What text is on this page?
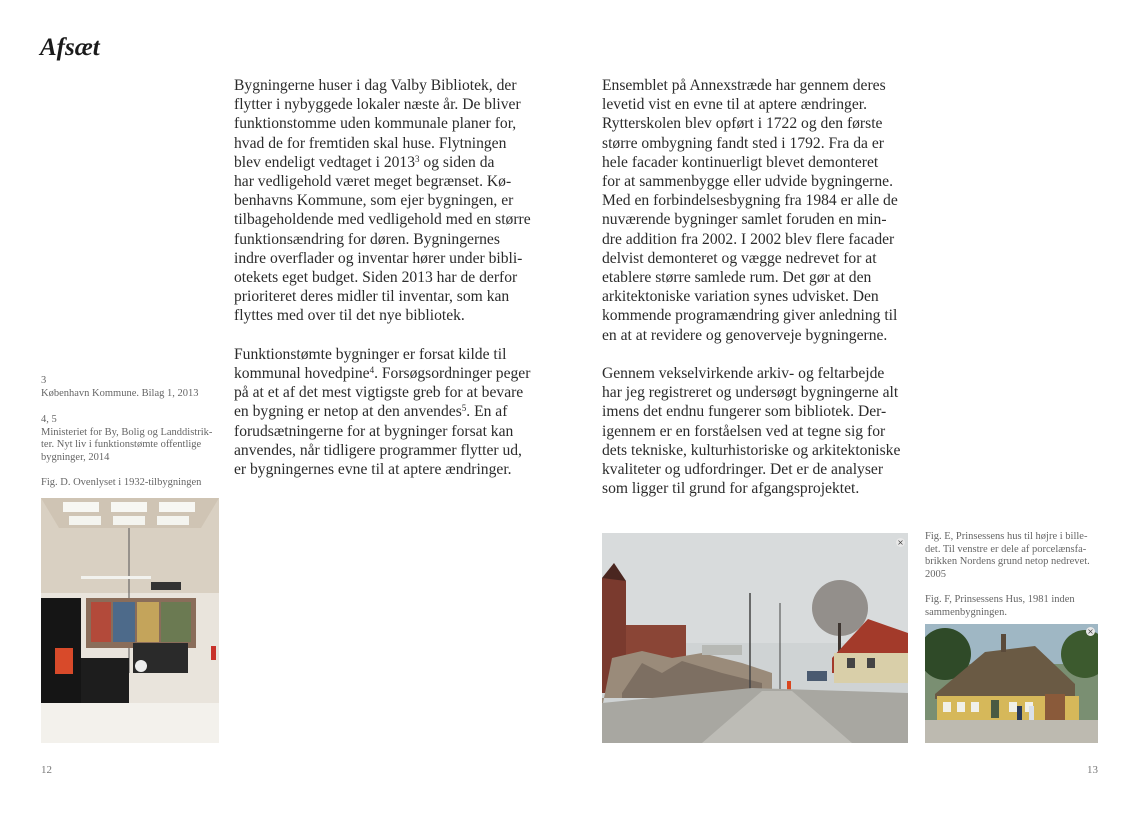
Afsæt
3
København Kommune. Bilag 1, 2013
4, 5
Ministeriet for By, Bolig og Landdistrik-
ter. Nyt liv i funktionstømte offentlige
bygninger, 2014
Fig. D. Ovenlyset i 1932-tilbygningen

Bygningerne huser i dag Valby Bibliotek, der
flytter i nybyggede lokaler næste år. De bliver
funktionstomme uden kommunale planer for,
hvad de for fremtiden skal huse. Flytningen
blev endeligt vedtaget i 2013$^3$ og siden da
har vedligehold været meget begrænset. Kø-
benhavns Kommune, som ejer bygningen, er
tilbageholdende med vedligehold med en større
funktionsændring for døren. Bygningernes
indre overflader og inventar hører under bibli-
otekets eget budget. Siden 2013 har de derfor
prioriteret deres midler til inventar, som kan
flyttes med over til det nye bibliotek.

Funktionstømte bygninger er forsat kilde til
kommunal hovedpine$^4$. Forsøgsordninger peger
på at et af det mest vigtigste greb for at bevare
en bygning er netop at den anvendes$^5$. En af
forudsætningerne for at bygninger forsat kan
anvendes, når tidligere programmer flytter ud,
er bygningernes evne til at aptere ændringer.

Ensemblet på Annexstræde har gennem deres
levetid vist en evne til at aptere ændringer.
Rytterskolen blev opført i 1722 og den første
større ombygning fandt sted i 1792. Fra da er
hele facader kontinuerligt blevet demonteret
for at sammenbygge eller udvide bygningerne.
Med en forbindelsesbygning fra 1984 er alle de
nuværende bygninger samlet foruden en min-
dre addition fra 2002. I 2002 blev flere facader
delvist demonteret og vægge nedrevet for at
etablere større samlede rum. Det gør at den
arkitektoniske variation synes udvisket. Den
kommende programændring giver anledning til
en at at revidere og genoverveje bygningerne.

Gennem vekselvirkende arkiv- og feltarbejde
har jeg registreret og undersøgt bygningerne alt
imens det endnu fungerer som bibliotek. Der-
igennem er en forståelsen ved at tegne sig for
dets tekniske, kulturhistoriske og arkitektoniske
kvaliteter og udfordringer. Det er de analyser
som ligger til grund for afgangsprojektet.

×
Fig. E, Prinsessens hus til højre i bille-
det. Til venstre er dele af porcelænsfa-
brikken Nordens grund netop nedrevet.
2005
Fig. F, Prinsessens Hus, 1981 inden
sammenbygningen.
×
12	13
